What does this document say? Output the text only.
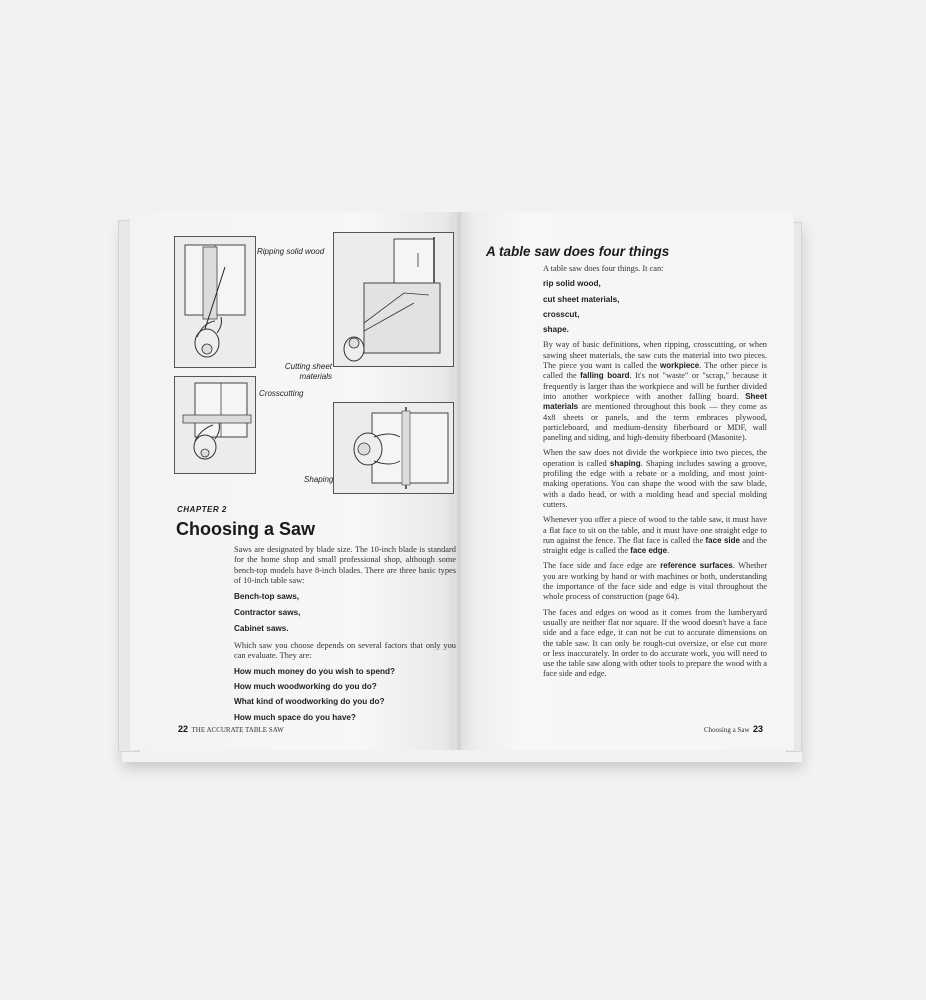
Ripping solid wood
Cutting sheet materials
Crosscutting
Shaping
CHAPTER 2
Choosing a Saw

Saws are designated by blade size. The 10-inch blade is standard for the home shop and small professional shop, although some bench-top models have 8-inch blades. There are three basic types of 10-inch table saw:

Bench-top saws,
Contractor saws,
Cabinet saws.

Which saw you choose depends on several factors that only you can evaluate. They are:

How much money do you wish to spend?
How much woodworking do you do?
What kind of woodworking do you do?
How much space do you have?
22 THE ACCURATE TABLE SAW
A table saw does four things

A table saw does four things. It can:

rip solid wood,
cut sheet materials,
crosscut,
shape.

By way of basic definitions, when ripping, crosscutting, or when sawing sheet materials, the saw cuts the material into two pieces. The piece you want is called the workpiece. The other piece is called the falling board. It's not "waste" or "scrap," because it frequently is larger than the workpiece and will be further divided into another workpiece with another falling board. Sheet materials are mentioned throughout this book — they come as 4x8 sheets or panels, and the term embraces plywood, particleboard, and medium-density fiberboard or MDF, wall paneling and siding, and high-density fiberboard (Masonite).

When the saw does not divide the workpiece into two pieces, the operation is called shaping. Shaping includes sawing a groove, profiling the edge with a rebate or a molding, and most joint-making operations. You can shape the wood with the saw blade, with a dado head, or with a molding head and special molding cutters.

Whenever you offer a piece of wood to the table saw, it must have a flat face to sit on the table, and it must have one straight edge to run against the fence. The flat face is called the face side and the straight edge is called the face edge.

The face side and face edge are reference surfaces. Whether you are working by hand or with machines or both, understanding the importance of the face side and edge is vital throughout the whole process of construction (page 64).

The faces and edges on wood as it comes from the lumberyard usually are neither flat nor square. If the wood doesn't have a face side and a face edge, it can not be cut to accurate dimensions on the table saw. It can only be rough-cut oversize, or else cut more or less inaccurately. In order to do accurate work, you will need to use the table saw along with other tools to prepare the wood with a face side and edge.

Choosing a Saw 23
